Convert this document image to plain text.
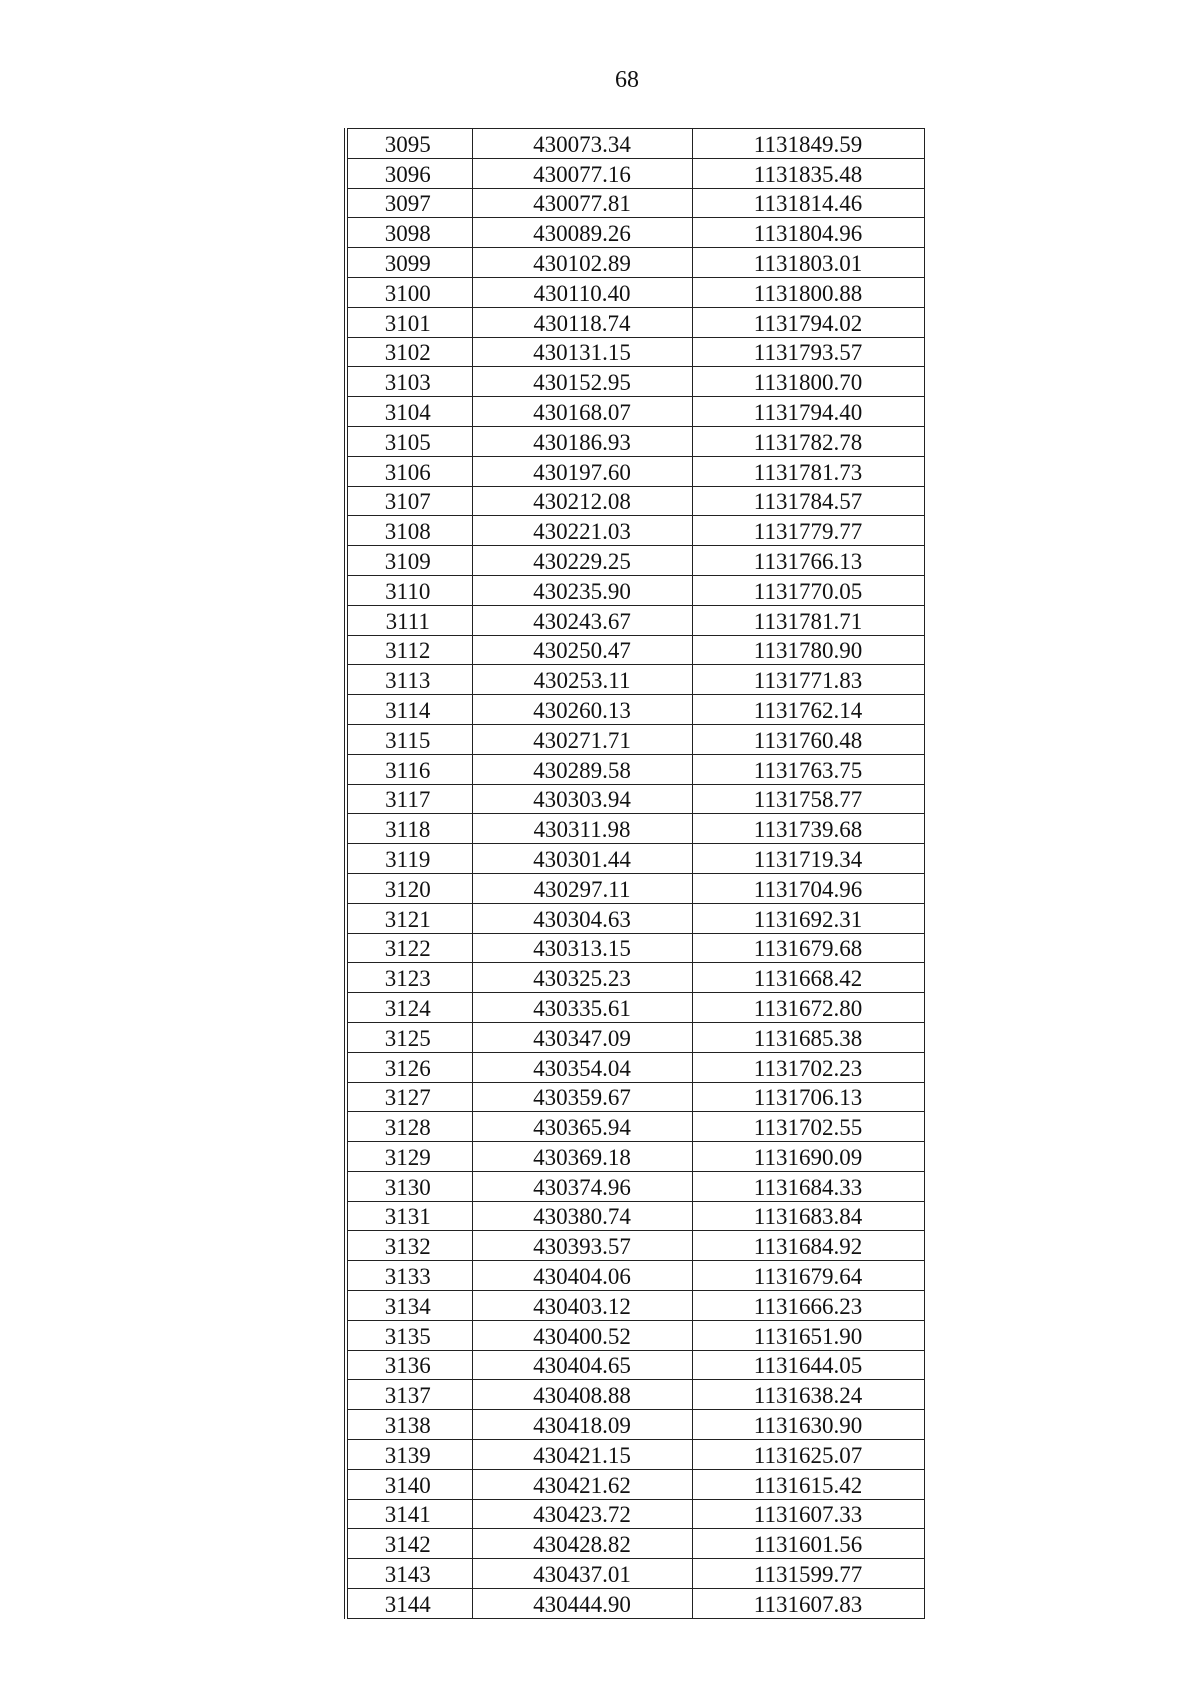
68
3095	430073.34	1131849.59
3096	430077.16	1131835.48
3097	430077.81	1131814.46
3098	430089.26	1131804.96
3099	430102.89	1131803.01
3100	430110.40	1131800.88
3101	430118.74	1131794.02
3102	430131.15	1131793.57
3103	430152.95	1131800.70
3104	430168.07	1131794.40
3105	430186.93	1131782.78
3106	430197.60	1131781.73
3107	430212.08	1131784.57
3108	430221.03	1131779.77
3109	430229.25	1131766.13
3110	430235.90	1131770.05
3111	430243.67	1131781.71
3112	430250.47	1131780.90
3113	430253.11	1131771.83
3114	430260.13	1131762.14
3115	430271.71	1131760.48
3116	430289.58	1131763.75
3117	430303.94	1131758.77
3118	430311.98	1131739.68
3119	430301.44	1131719.34
3120	430297.11	1131704.96
3121	430304.63	1131692.31
3122	430313.15	1131679.68
3123	430325.23	1131668.42
3124	430335.61	1131672.80
3125	430347.09	1131685.38
3126	430354.04	1131702.23
3127	430359.67	1131706.13
3128	430365.94	1131702.55
3129	430369.18	1131690.09
3130	430374.96	1131684.33
3131	430380.74	1131683.84
3132	430393.57	1131684.92
3133	430404.06	1131679.64
3134	430403.12	1131666.23
3135	430400.52	1131651.90
3136	430404.65	1131644.05
3137	430408.88	1131638.24
3138	430418.09	1131630.90
3139	430421.15	1131625.07
3140	430421.62	1131615.42
3141	430423.72	1131607.33
3142	430428.82	1131601.56
3143	430437.01	1131599.77
3144	430444.90	1131607.83
